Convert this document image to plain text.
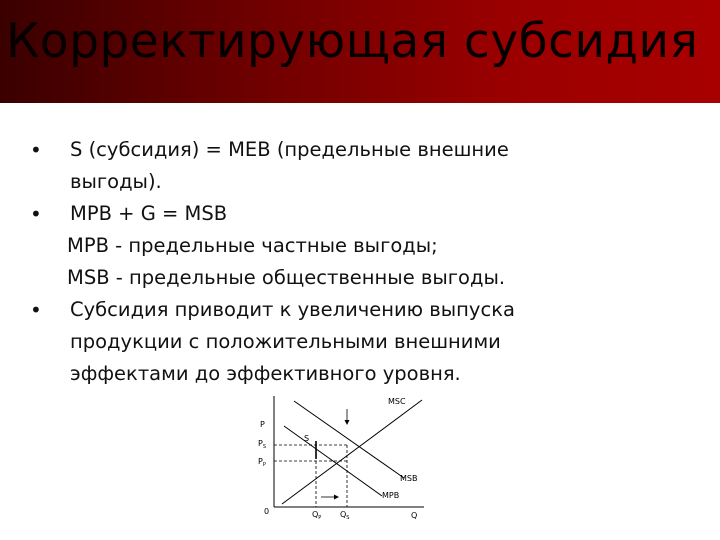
Корректирующая субсидия
•	S (субсидия) = MEB (предельные внешние
выгоды).
•	MPB + G = MSB
MPB - предельные частные выгоды;
MSB - предельные общественные выгоды.
•	Субсидия приводит к увеличению выпуска
продукции с положительными внешними
эффектами до эффективного уровня.
P
$P_S$
$P_P$
0	$Q_P$ $Q_S$	Q
S
MSC
MSB
MPB
